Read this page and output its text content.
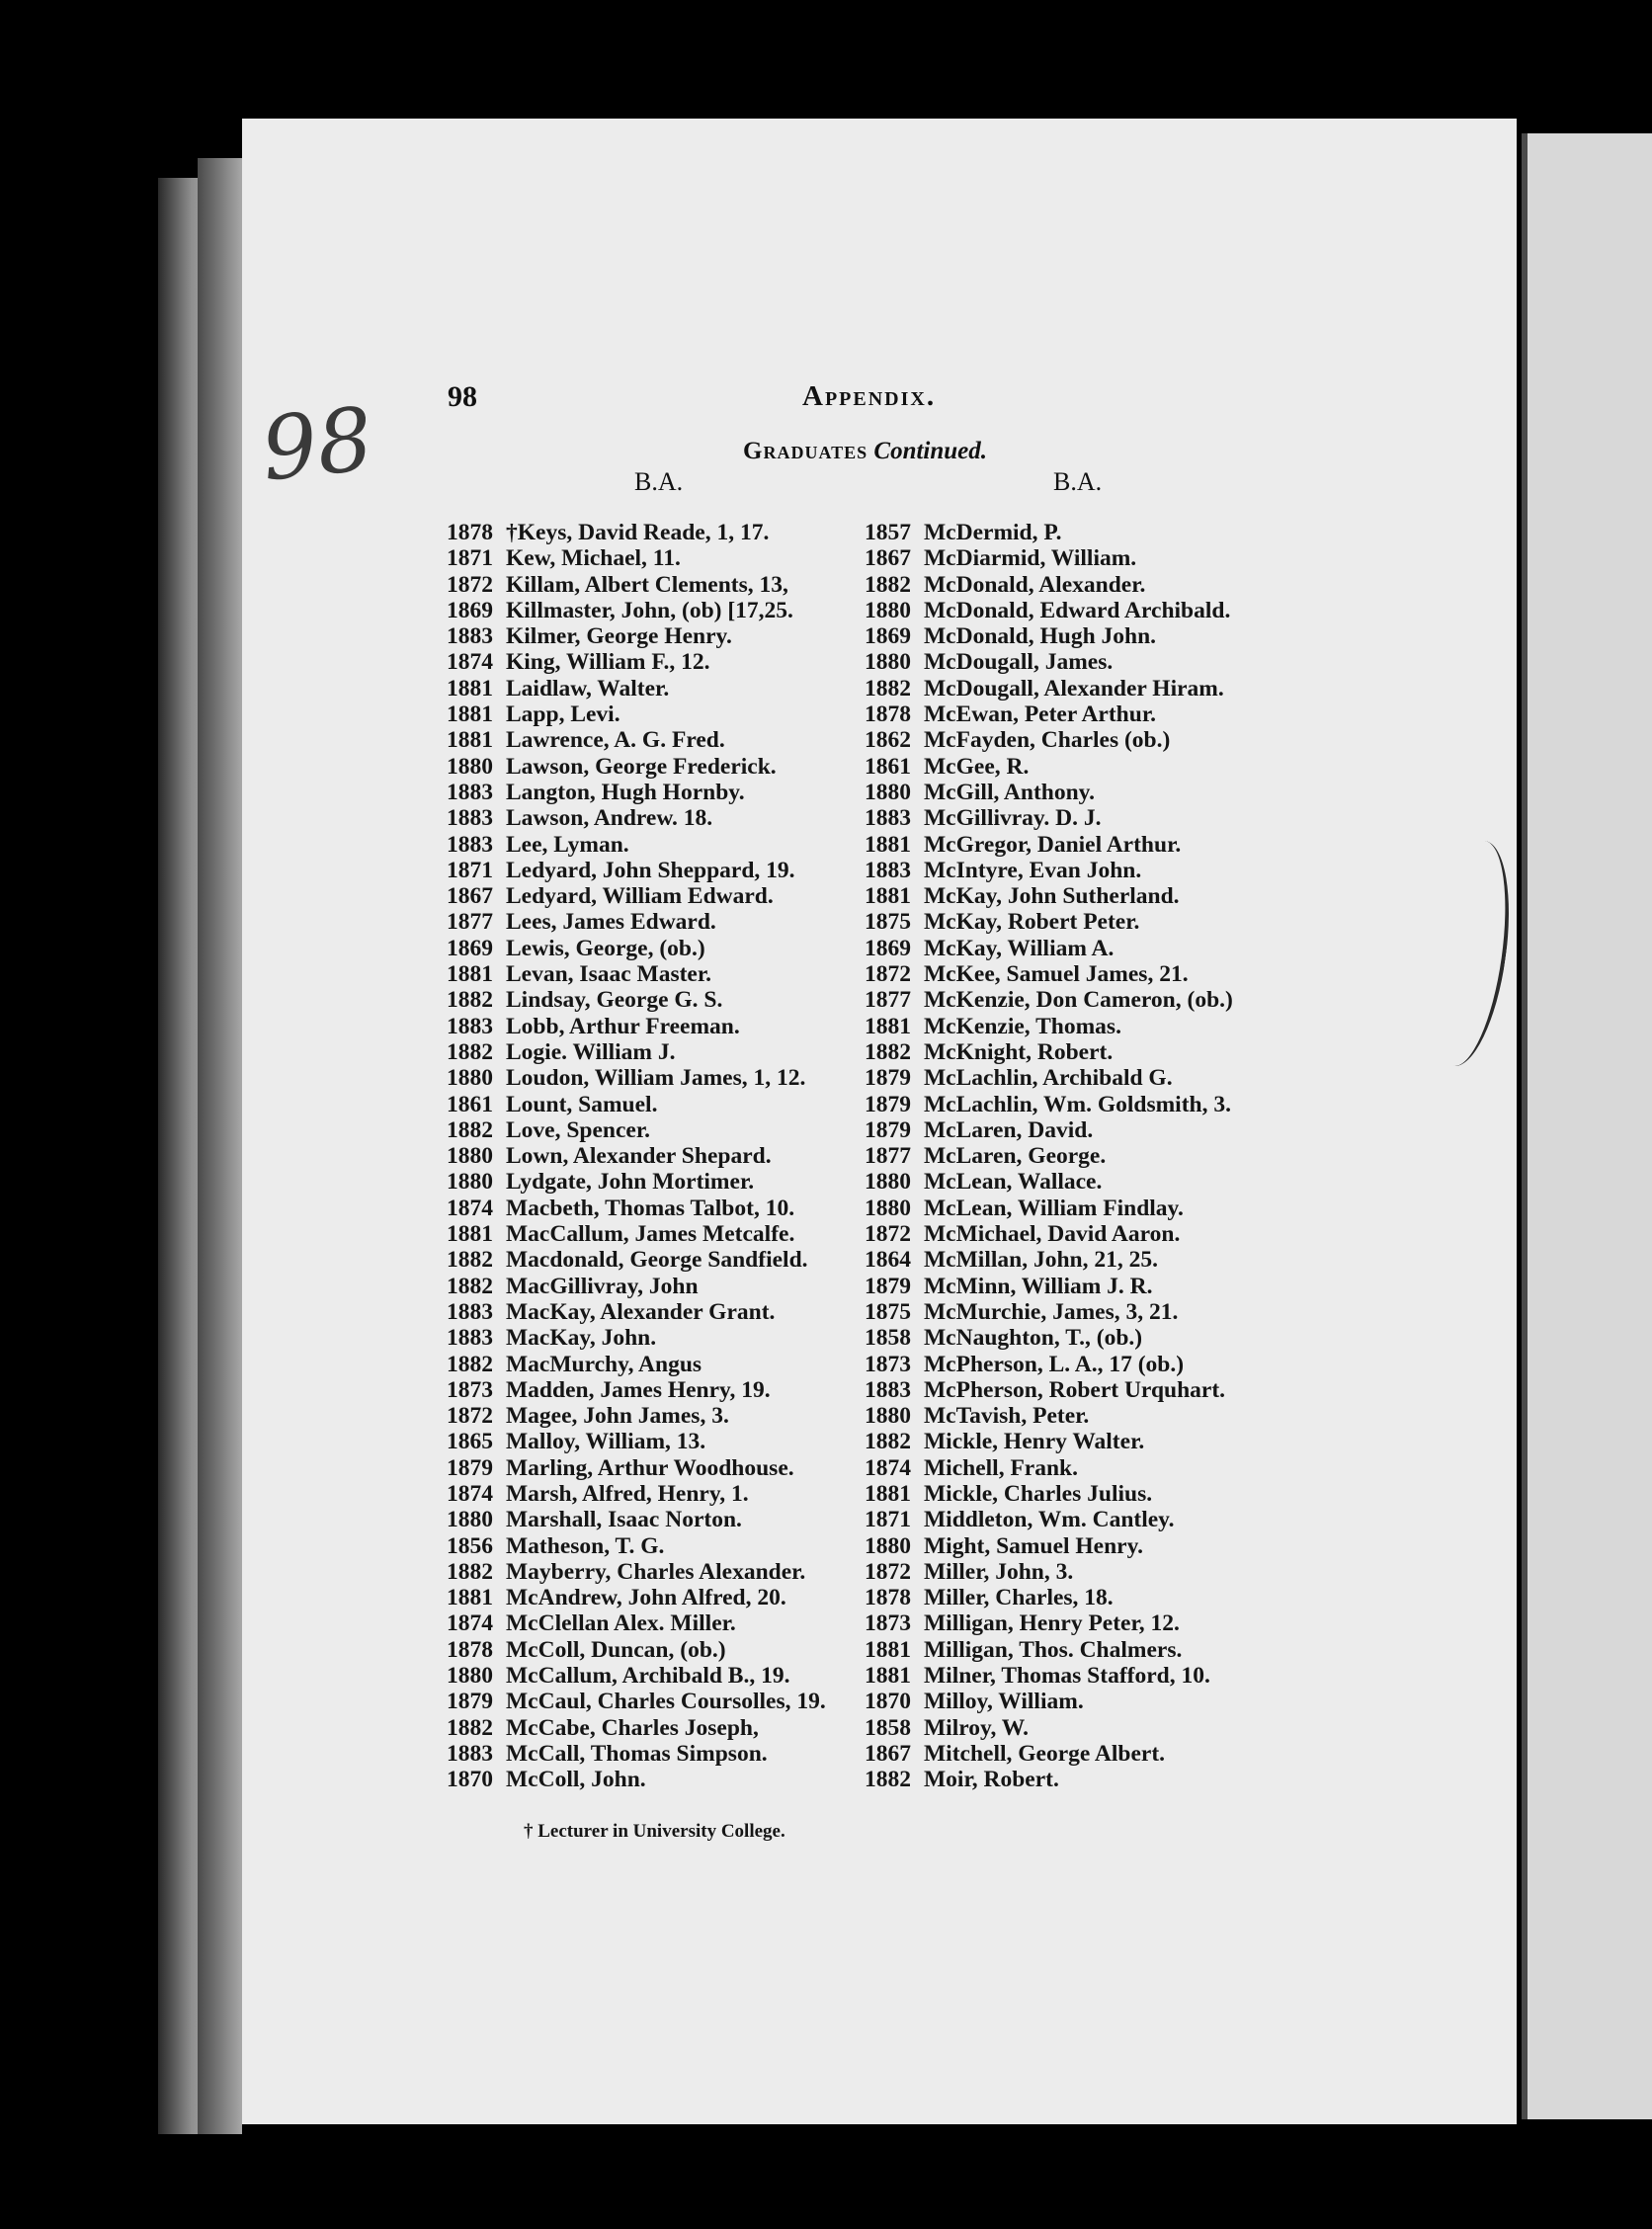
98 98	Appendix.
Graduates Continued.
B.A.	B.A.
1878 †Keys, David Reade, 1, 17.
1871 Kew, Michael, 11.
1872 Killam, Albert Clements, 13,
1869 Killmaster, John, (ob) [17,25.
1883 Kilmer, George Henry.
1874 King, William F., 12.
1881 Laidlaw, Walter.
1881 Lapp, Levi.
1881 Lawrence, A. G. Fred.
1880 Lawson, George Frederick.
1883 Langton, Hugh Hornby.
1883 Lawson, Andrew. 18.
1883 Lee, Lyman.
1871 Ledyard, John Sheppard, 19.
1867 Ledyard, William Edward.
1877 Lees, James Edward.
1869 Lewis, George, (ob.)
1881 Levan, Isaac Master.
1882 Lindsay, George G. S.
1883 Lobb, Arthur Freeman.
1882 Logie. William J.
1880 Loudon, William James, 1, 12.
1861 Lount, Samuel.
1882 Love, Spencer.
1880 Lown, Alexander Shepard.
1880 Lydgate, John Mortimer.
1874 Macbeth, Thomas Talbot, 10.
1881 MacCallum, James Metcalfe.
1882 Macdonald, George Sandfield.
1882 MacGillivray, John
1883 MacKay, Alexander Grant.
1883 MacKay, John.
1882 MacMurchy, Angus
1873 Madden, James Henry, 19.
1872 Magee, John James, 3.
1865 Malloy, William, 13.
1879 Marling, Arthur Woodhouse.
1874 Marsh, Alfred, Henry, 1.
1880 Marshall, Isaac Norton.
1856 Matheson, T. G.
1882 Mayberry, Charles Alexander.
1881 McAndrew, John Alfred, 20.
1874 McClellan Alex. Miller.
1878 McColl, Duncan, (ob.)
1880 McCallum, Archibald B., 19.
1879 McCaul, Charles Coursolles, 19.
1882 McCabe, Charles Joseph,
1883 McCall, Thomas Simpson.
1870 McColl, John.
1857 McDermid, P.
1867 McDiarmid, William.
1882 McDonald, Alexander.
1880 McDonald, Edward Archibald.
1869 McDonald, Hugh John.
1880 McDougall, James.
1882 McDougall, Alexander Hiram.
1878 McEwan, Peter Arthur.
1862 McFayden, Charles (ob.)
1861 McGee, R.
1880 McGill, Anthony.
1883 McGillivray. D. J.
1881 McGregor, Daniel Arthur.
1883 McIntyre, Evan John.
1881 McKay, John Sutherland.
1875 McKay, Robert Peter.
1869 McKay, William A.
1872 McKee, Samuel James, 21.
1877 McKenzie, Don Cameron, (ob.)
1881 McKenzie, Thomas.
1882 McKnight, Robert.
1879 McLachlin, Archibald G.
1879 McLachlin, Wm. Goldsmith, 3.
1879 McLaren, David.
1877 McLaren, George.
1880 McLean, Wallace.
1880 McLean, William Findlay.
1872 McMichael, David Aaron.
1864 McMillan, John, 21, 25.
1879 McMinn, William J. R.
1875 McMurchie, James, 3, 21.
1858 McNaughton, T., (ob.)
1873 McPherson, L. A., 17 (ob.)
1883 McPherson, Robert Urquhart.
1880 McTavish, Peter.
1882 Mickle, Henry Walter.
1874 Michell, Frank.
1881 Mickle, Charles Julius.
1871 Middleton, Wm. Cantley.
1880 Might, Samuel Henry.
1872 Miller, John, 3.
1878 Miller, Charles, 18.
1873 Milligan, Henry Peter, 12.
1881 Milligan, Thos. Chalmers.
1881 Milner, Thomas Stafford, 10.
1870 Milloy, William.
1858 Milroy, W.
1867 Mitchell, George Albert.
1882 Moir, Robert.
† Lecturer in University College.
